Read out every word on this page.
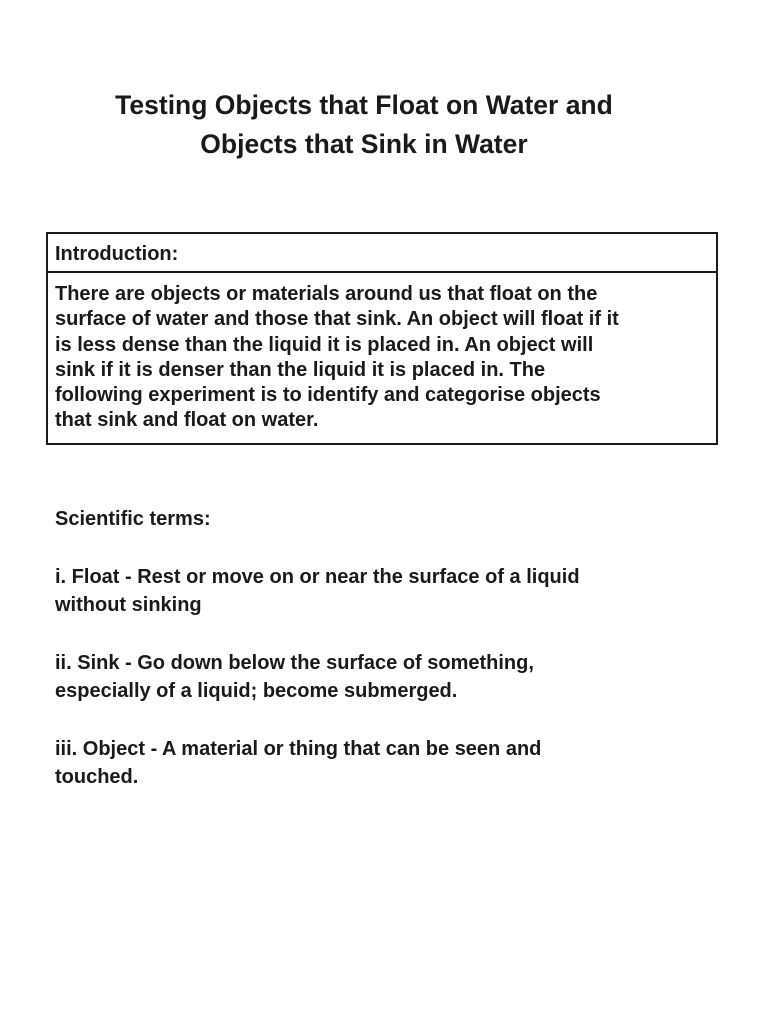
Testing Objects that Float on Water and
Objects that Sink in Water
Introduction:
There are objects or materials around us that float on the
surface of water and those that sink. An object will float if it
is less dense than the liquid it is placed in. An object will
sink if it is denser than the liquid it is placed in. The
following experiment is to identify and categorise objects
that sink and float on water.
Scientific terms:
i. Float - Rest or move on or near the surface of a liquid
without sinking
ii. Sink - Go down below the surface of something,
especially of a liquid; become submerged.
iii. Object - A material or thing that can be seen and
touched.
